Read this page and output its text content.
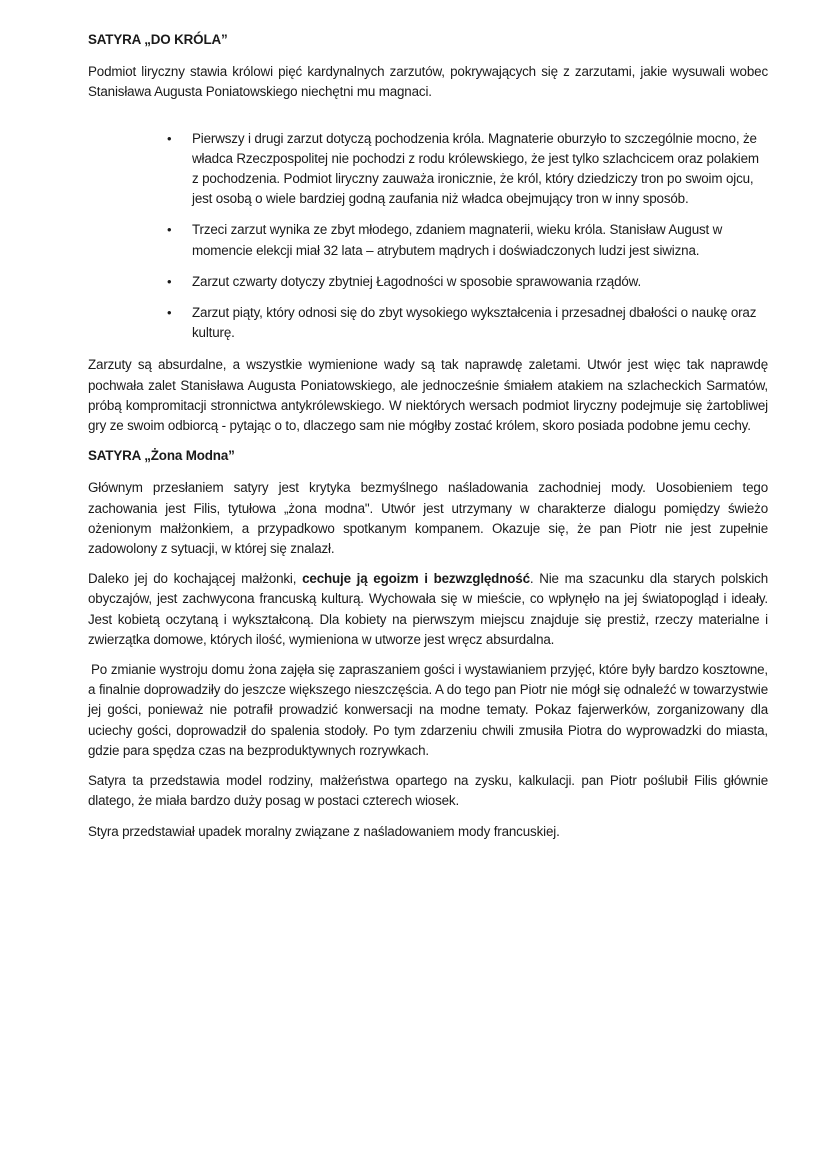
SATYRA „DO KRÓLA”

Podmiot liryczny stawia królowi pięć kardynalnych zarzutów, pokrywających się z zarzutami, jakie wysuwali wobec Stanisława Augusta Poniatowskiego niechętni mu magnaci.

• Pierwszy i drugi zarzut dotyczą pochodzenia króla. Magnaterie oburzyło to szczególnie mocno, że władca Rzeczpospolitej nie pochodzi z rodu królewskiego, że jest tylko szlachcicem oraz polakiem z pochodzenia. Podmiot liryczny zauważa ironicznie, że król, który dziedziczy tron po swoim ojcu, jest osobą o wiele bardziej godną zaufania niż władca obejmujący tron w inny sposób.
• Trzeci zarzut wynika ze zbyt młodego, zdaniem magnaterii, wieku króla. Stanisław August w momencie elekcji miał 32 lata – atrybutem mądrych i doświadczonych ludzi jest siwizna.
• Zarzut czwarty dotyczy zbytniej Łagodności w sposobie sprawowania rządów.
• Zarzut piąty, który odnosi się do zbyt wysokiego wykształcenia i przesadnej dbałości o naukę oraz kulturę.

Zarzuty są absurdalne, a wszystkie wymienione wady są tak naprawdę zaletami. Utwór jest więc tak naprawdę pochwała zalet Stanisława Augusta Poniatowskiego, ale jednocześnie śmiałem atakiem na szlacheckich Sarmatów, próbą kompromitacji stronnictwa antykrólewskiego. W niektórych wersach podmiot liryczny podejmuje się żartobliwej gry ze swoim odbiorcą - pytając o to, dlaczego sam nie mógłby zostać królem, skoro posiada podobne jemu cechy.

SATYRA „Żona Modna”

Głównym przesłaniem satyry jest krytyka bezmyślnego naśladowania zachodniej mody. Uosobieniem tego zachowania jest Filis, tytułowa „żona modna". Utwór jest utrzymany w charakterze dialogu pomiędzy świeżo ożenionym małżonkiem, a przypadkowo spotkanym kompanem. Okazuje się, że pan Piotr nie jest zupełnie zadowolony z sytuacji, w której się znalazł.

Daleko jej do kochającej małżonki, cechuje ją egoizm i bezwzględność. Nie ma szacunku dla starych polskich obyczajów, jest zachwycona francuską kulturą. Wychowała się w mieście, co wpłynęło na jej światopogląd i ideały. Jest kobietą oczytaną i wykształconą. Dla kobiety na pierwszym miejscu znajduje się prestiż, rzeczy materialne i zwierzątka domowe, których ilość, wymieniona w utworze jest wręcz absurdalna.

Po zmianie wystroju domu żona zajęła się zapraszaniem gości i wystawianiem przyjęć, które były bardzo kosztowne, a finalnie doprowadziły do jeszcze większego nieszczęścia. A do tego pan Piotr nie mógł się odnaleźć w towarzystwie jej gości, ponieważ nie potrafił prowadzić konwersacji na modne tematy. Pokaz fajerwerków, zorganizowany dla uciechy gości, doprowadził do spalenia stodoły. Po tym zdarzeniu chwili zmusiła Piotra do wyprowadzki do miasta, gdzie para spędza czas na bezproduktywnych rozrywkach.

Satyra ta przedstawia model rodziny, małżeństwa opartego na zysku, kalkulacji. pan Piotr poślubił Filis głównie dlatego, że miała bardzo duży posag w postaci czterech wiosek.

Styra przedstawiał upadek moralny związane z naśladowaniem mody francuskiej.
